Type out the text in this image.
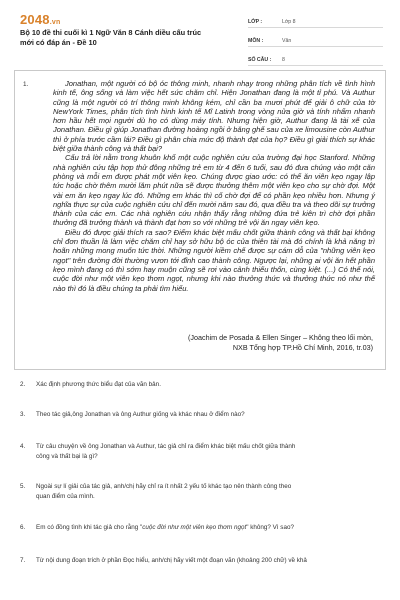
2048.vn
Bộ 10 đề thi cuối kì 1 Ngữ Văn 8 Cánh diều cấu trúc mới có đáp án - Đề 10
LỚP :	Lớp 8
MÔN :	Văn
SỐ CÂU :	8
1.	Jonathan, một người có bộ óc thông minh, nhanh nhạy trong những phân tích về tình hình kinh tế, ông sống và làm việc hết sức chăm chỉ. Hiện Jonathan đang là một tỉ phú. Và Authur cũng là một người có trí thông minh không kém, chỉ cần ba mươi phút để giải ô chữ của tờ NewYork Times, phân tích tình hình kinh tế Mĩ Latinh trong vòng nửa giờ và tính nhẩm nhanh hơn hầu hết mọi người dù họ có dùng máy tính. Nhưng hiện giờ, Authur đang là tài xế của Jonathan. Điều gì giúp Jonathan đường hoàng ngồi ở băng ghế sau của xe limousine còn Authur thì ở phía trước cầm lái? Điều gì phân chia mức độ thành đạt của họ? Điều gì giải thích sự khác biệt giữa thành công và thất bại?

Cấu trả lời nằm trong khuôn khổ một cuộc nghiên cứu của trường đại học Stanford. Những nhà nghiên cứu tập hợp thử đông những trẻ em từ 4 đến 6 tuổi, sau đó đưa chúng vào một căn phòng và mỗi em được phát một viên kẹo. Chúng được giao ước: có thể ăn viên kẹo ngay lập tức hoặc chờ thêm mười lăm phút nữa sẽ được thưởng thêm một viên kẹo cho sự chờ đợi. Một vài em ăn kẹo ngay lúc đó. Những em khác thì cố chờ đợi để có phần kẹo nhiều hơn. Nhưng ý nghĩa thực sự của cuộc nghiên cứu chỉ đến mười năm sau đó, qua điều tra và theo dõi sự trưởng thành của các em. Các nhà nghiên cứu nhận thấy rằng những đứa trẻ kiên trì chờ đợi phần thưởng đã trưởng thành và thành đạt hơn so với những trẻ vội ăn ngay viên kẹo.

Điều đó được giải thích ra sao? Điểm khác biệt mấu chốt giữa thành công và thất bại không chỉ đơn thuần là làm việc chăm chỉ hay sở hữu bộ óc của thiên tài mà đó chính là khả năng trì hoãn những mong muốn tức thời. Những người kiềm chế được sự cám dỗ của "những viên kẹo ngọt" trên đường đời thường vươn tới đỉnh cao thành công. Ngược lại, những ai vội ăn hết phần kẹo mình đang có thì sớm hay muộn cũng sẽ rơi vào cảnh thiếu thốn, cùng kiệt. (...) Có thể nói, cuộc đời như một viên kẹo thơm ngọt, nhưng khi nào thưởng thức và thưởng thức nó như thế nào thì đó là điều chúng ta phải tìm hiểu.

(Joachim de Posada & Ellen Singer – Không theo lối mòn,
NXB Tổng hợp TP.Hồ Chí Minh, 2016, tr.03)
2.	Xác định phương thức biểu đạt của văn bản.
3.	Theo tác giả,ông Jonathan và ông Authur giống và khác nhau ở điểm nào?
4.	Từ câu chuyện về ông Jonathan và Authur, tác giả chỉ ra điểm khác biệt mấu chốt giữa thành
công và thất bại là gì?
5.	Ngoài sự lí giải của tác giả, anh/chị hãy chỉ ra ít nhất 2 yếu tố khác tạo nên thành công theo
quan điểm của mình.
6.	Em có đồng tình khi tác giả cho rằng "cuộc đời như một viên kẹo thơm ngọt" không? Vì sao?
7.	Từ nội dung đoạn trích ở phần Đọc hiểu, anh/chị hãy viết một đoạn văn (khoảng 200 chữ) về khả
